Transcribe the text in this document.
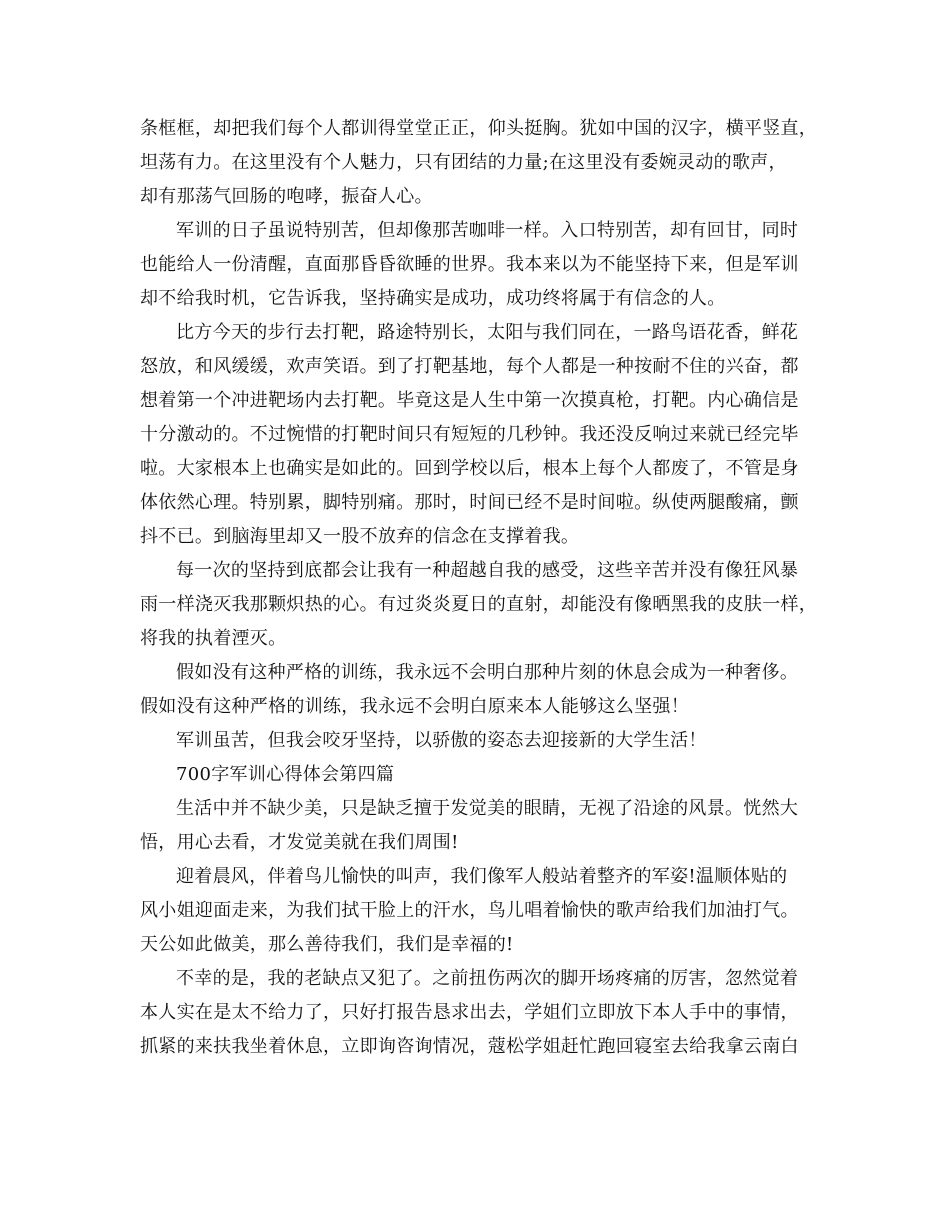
条框框，却把我们每个人都训得堂堂正正，仰头挺胸。犹如中国的汉字，横平竖直，

坦荡有力。在这里没有个人魅力，只有团结的力量;在这里没有委婉灵动的歌声，

却有那荡气回肠的咆哮，振奋人心。

军训的日子虽说特别苦，但却像那苦咖啡一样。入口特别苦，却有回甘，同时

也能给人一份清醒，直面那昏昏欲睡的世界。我本来以为不能坚持下来，但是军训

却不给我时机，它告诉我，坚持确实是成功，成功终将属于有信念的人。

比方今天的步行去打靶，路途特别长，太阳与我们同在，一路鸟语花香，鲜花

怒放，和风缓缓，欢声笑语。到了打靶基地，每个人都是一种按耐不住的兴奋，都

想着第一个冲进靶场内去打靶。毕竟这是人生中第一次摸真枪，打靶。内心确信是

十分激动的。不过惋惜的打靶时间只有短短的几秒钟。我还没反响过来就已经完毕

啦。大家根本上也确实是如此的。回到学校以后，根本上每个人都废了，不管是身

体依然心理。特别累，脚特别痛。那时，时间已经不是时间啦。纵使两腿酸痛，颤

抖不已。到脑海里却又一股不放弃的信念在支撑着我。

每一次的坚持到底都会让我有一种超越自我的感受，这些辛苦并没有像狂风暴

雨一样浇灭我那颗炽热的心。有过炎炎夏日的直射，却能没有像晒黑我的皮肤一样，

将我的执着湮灭。

假如没有这种严格的训练，我永远不会明白那种片刻的休息会成为一种奢侈。

假如没有这种严格的训练，我永远不会明白原来本人能够这么坚强！

军训虽苦，但我会咬牙坚持，以骄傲的姿态去迎接新的大学生活！

700字军训心得体会第四篇

生活中并不缺少美，只是缺乏擅于发觉美的眼睛，无视了沿途的风景。恍然大

悟，用心去看，才发觉美就在我们周围!

迎着晨风，伴着鸟儿愉快的叫声，我们像军人般站着整齐的军姿!温顺体贴的

风小姐迎面走来，为我们拭干脸上的汗水，鸟儿唱着愉快的歌声给我们加油打气。

天公如此做美，那么善待我们，我们是幸福的!

不幸的是，我的老缺点又犯了。之前扭伤两次的脚开场疼痛的厉害，忽然觉着

本人实在是太不给力了，只好打报告恳求出去，学姐们立即放下本人手中的事情，

抓紧的来扶我坐着休息，立即询咨询情况，蔻松学姐赶忙跑回寝室去给我拿云南白
